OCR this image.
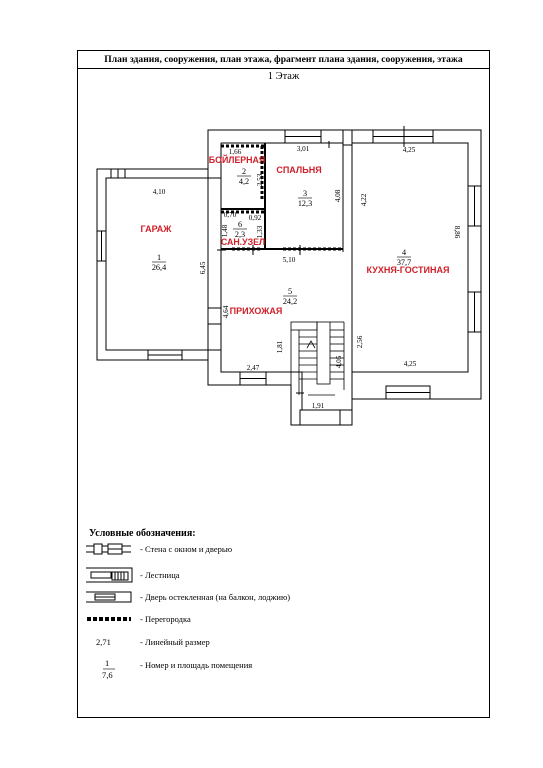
План здания, сооружения, план этажа, фрагмент плана здания, сооружения, этажа
1 Этаж
1
26,4
2
4,2
3
12,3
4
37,7
5
24,2
6
2,3
ГАРАЖ
БОЙЛЕРНАЯ
СПАЛЬНЯ
КУХНЯ-ГОСТИНАЯ
ПРИХОЖАЯ
САН.УЗЕЛ
1,66	3,01	4,25
2,53
4,10	4,08	4,22
0,70 0,92
1,48	1,33	8,86
5,10
6,45
4,64
2,56
1,81
4,05
2,47	4,25
1,91
Условные обозначения:
- Стена с окном и дверью
- Лестница
- Дверь остекленная (на балкон, лоджию)
- Перегородка
2,71	- Линейный размер
1
7,6
- Номер и площадь помещения
